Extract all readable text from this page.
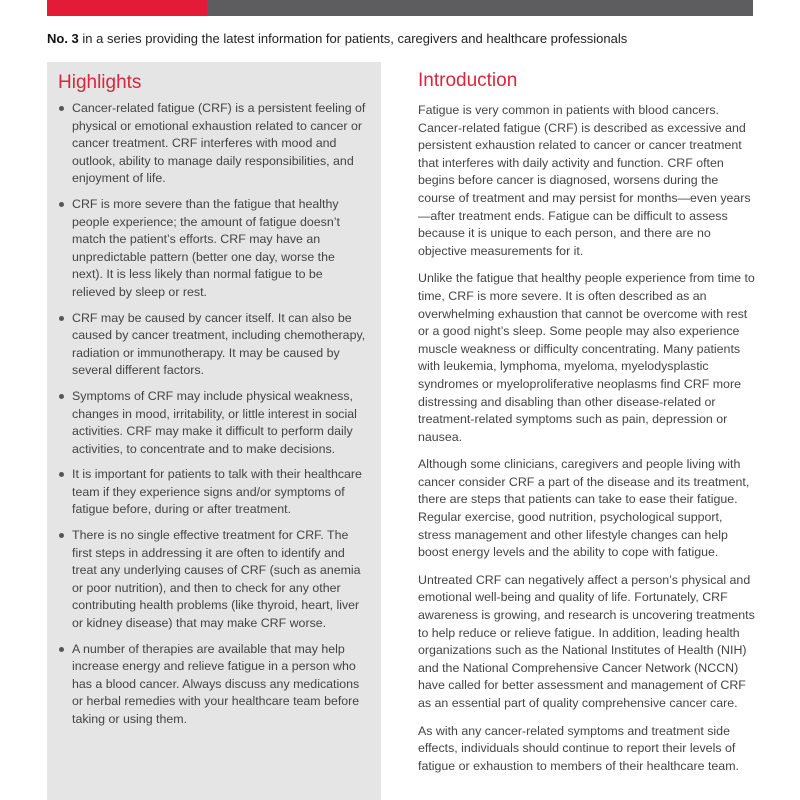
No. 3 in a series providing the latest information for patients, caregivers and healthcare professionals
Highlights
Cancer-related fatigue (CRF) is a persistent feeling of physical or emotional exhaustion related to cancer or cancer treatment. CRF interferes with mood and outlook, ability to manage daily responsibilities, and enjoyment of life.
CRF is more severe than the fatigue that healthy people experience; the amount of fatigue doesn’t match the patient’s efforts. CRF may have an unpredictable pattern (better one day, worse the next). It is less likely than normal fatigue to be relieved by sleep or rest.
CRF may be caused by cancer itself. It can also be caused by cancer treatment, including chemotherapy, radiation or immunotherapy. It may be caused by several different factors.
Symptoms of CRF may include physical weakness, changes in mood, irritability, or little interest in social activities. CRF may make it difficult to perform daily activities, to concentrate and to make decisions.
It is important for patients to talk with their healthcare team if they experience signs and/or symptoms of fatigue before, during or after treatment.
There is no single effective treatment for CRF. The first steps in addressing it are often to identify and treat any underlying causes of CRF (such as anemia or poor nutrition), and then to check for any other contributing health problems (like thyroid, heart, liver or kidney disease) that may make CRF worse.
A number of therapies are available that may help increase energy and relieve fatigue in a person who has a blood cancer. Always discuss any medications or herbal remedies with your healthcare team before taking or using them.
Introduction

Fatigue is very common in patients with blood cancers. Cancer-related fatigue (CRF) is described as excessive and persistent exhaustion related to cancer or cancer treatment that interferes with daily activity and function. CRF often begins before cancer is diagnosed, worsens during the course of treatment and may persist for months—even years—after treatment ends. Fatigue can be difficult to assess because it is unique to each person, and there are no objective measurements for it.

Unlike the fatigue that healthy people experience from time to time, CRF is more severe. It is often described as an overwhelming exhaustion that cannot be overcome with rest or a good night’s sleep. Some people may also experience muscle weakness or difficulty concentrating. Many patients with leukemia, lymphoma, myeloma, myelodysplastic syndromes or myeloproliferative neoplasms find CRF more distressing and disabling than other disease-related or treatment-related symptoms such as pain, depression or nausea.

Although some clinicians, caregivers and people living with cancer consider CRF a part of the disease and its treatment, there are steps that patients can take to ease their fatigue. Regular exercise, good nutrition, psychological support, stress management and other lifestyle changes can help boost energy levels and the ability to cope with fatigue.

Untreated CRF can negatively affect a person’s physical and emotional well-being and quality of life. Fortunately, CRF awareness is growing, and research is uncovering treatments to help reduce or relieve fatigue. In addition, leading health organizations such as the National Institutes of Health (NIH) and the National Comprehensive Cancer Network (NCCN) have called for better assessment and management of CRF as an essential part of quality comprehensive cancer care.

As with any cancer-related symptoms and treatment side effects, individuals should continue to report their levels of fatigue or exhaustion to members of their healthcare team.
